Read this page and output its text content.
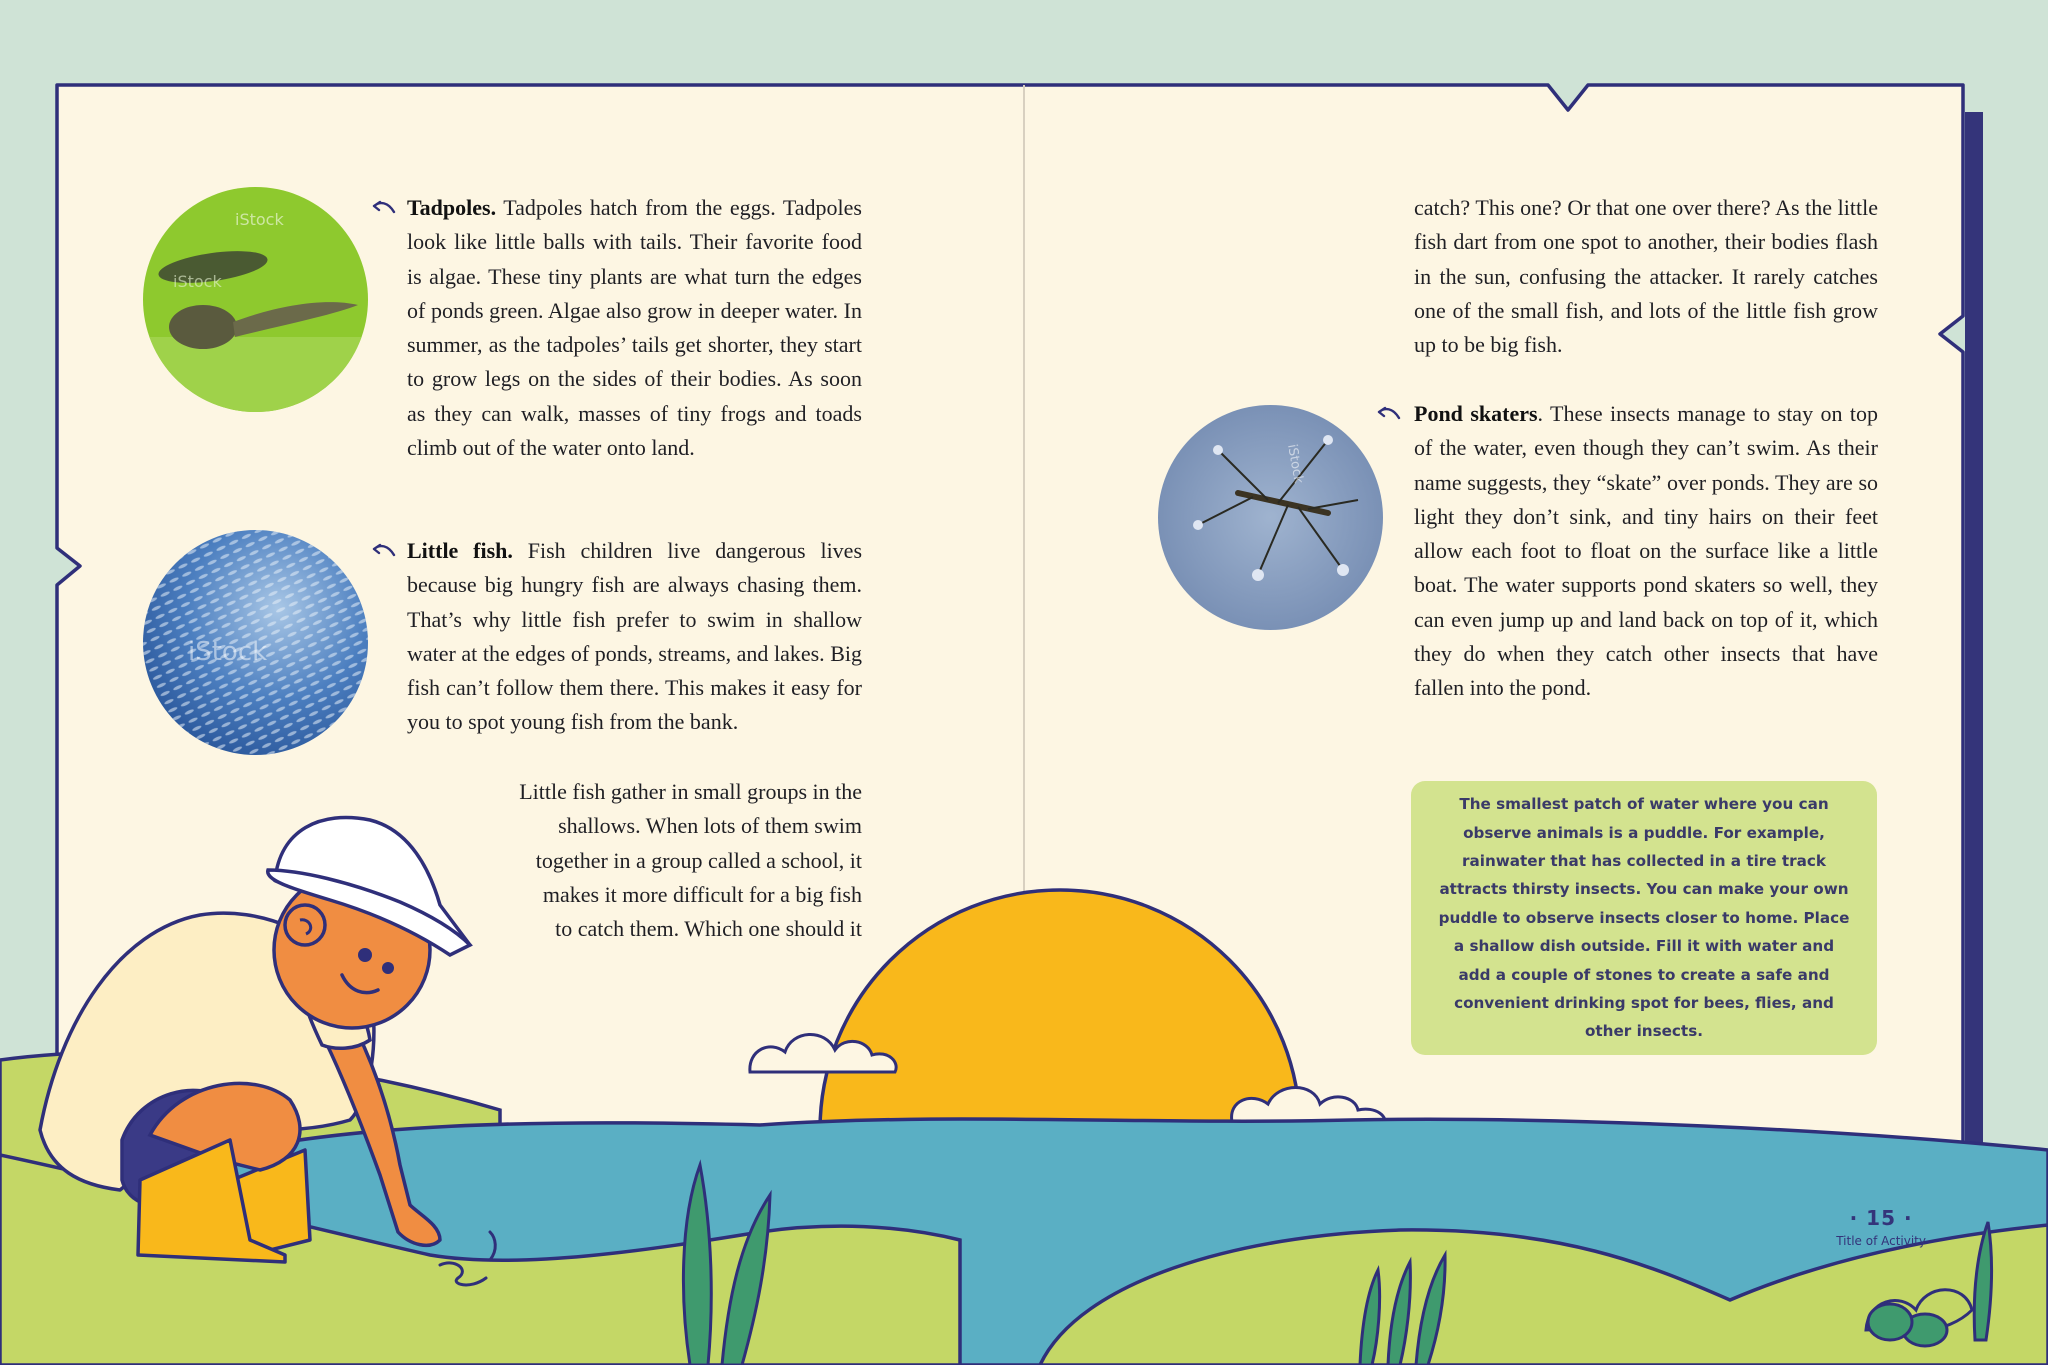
iStock
iStock
iStock
iStock

Tadpoles. Tadpoles hatch from the eggs. Tadpoles look like little balls with tails. Their favorite food is algae. These tiny plants are what turn the edges of ponds green. Algae also grow in deeper water. In summer, as the tadpoles’ tails get shorter, they start to grow legs on the sides of their bodies. As soon as they can walk, masses of tiny frogs and toads climb out of the water onto land.

Little fish. Fish children live dangerous lives because big hungry fish are always chasing them. That’s why little fish prefer to swim in shallow water at the edges of ponds, streams, and lakes. Big fish can’t follow them there. This makes it easy for you to spot young fish from the bank.

Little fish gather in small groups in the
shallows. When lots of them swim
together in a group called a school, it
makes it more difficult for a big fish
to catch them. Which one should it

catch? This one? Or that one over there? As the little fish dart from one spot to another, their bodies flash in the sun, confusing the attacker. It rarely catches one of the small fish, and lots of the little fish grow up to be big fish.

Pond skaters. These insects manage to stay on top of the water, even though they can’t swim. As their name suggests, they “skate” over ponds. They are so light they don’t sink, and tiny hairs on their feet allow each foot to float on the surface like a little boat. The water supports pond skaters so well, they can even jump up and land back on top of it, which they do when they catch other insects that have fallen into the pond.

The smallest patch of water where you can observe animals is a puddle. For example, rainwater that has collected in a tire track attracts thirsty insects. You can make your own puddle to observe insects closer to home. Place a shallow dish outside. Fill it with water and add a couple of stones to create a safe and convenient drinking spot for bees, flies, and other insects.

· 15 ·
Title of Activity
